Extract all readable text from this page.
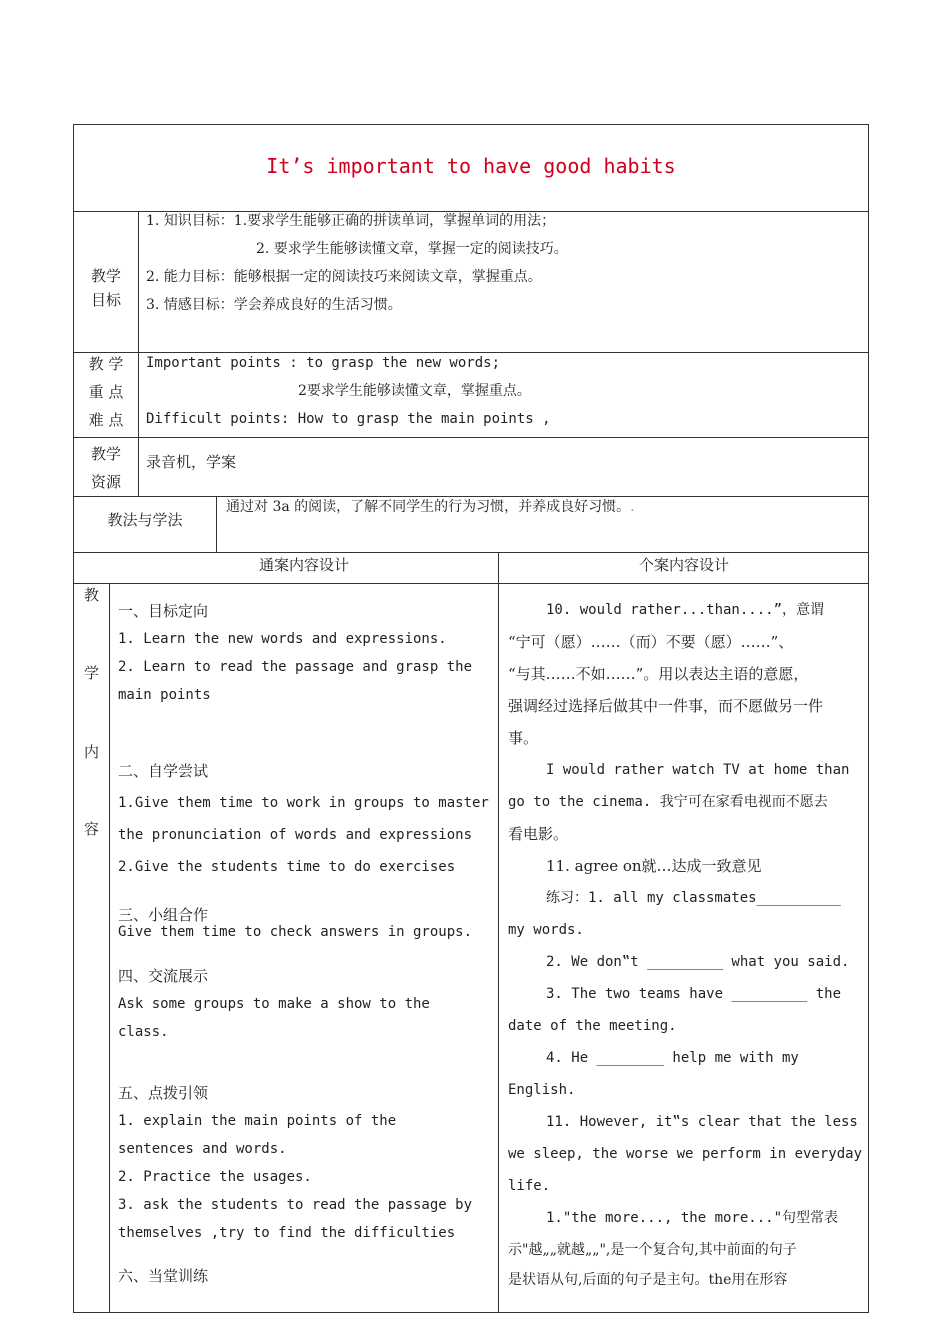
It’s important to have good habits
教学
目标
1. 知识目标：1.要求学生能够正确的拼读单词，掌握单词的用法；
2. 要求学生能够读懂文章，掌握一定的阅读技巧。
2. 能力目标：能够根据一定的阅读技巧来阅读文章，掌握重点。
3. 情感目标：学会养成良好的生活习惯。
教 学
重 点
难 点
Important points : to grasp the new words;
2要求学生能够读懂文章，掌握重点。
Difficult points: How to grasp the main points ,
教学
资源
录音机，学案
教法与学法
通过对 3a 的阅读，了解不同学生的行为习惯，并养成良好习惯。.
通案内容设计	个案内容设计
教
学
内
容
一、目标定向
1. Learn the new words and expressions.
2. Learn to read the passage and grasp the
main points
二、自学尝试
1.Give them time to work in groups to master
the pronunciation of words and expressions
2.Give the students time to do exercises
三、小组合作
Give them time to check answers in groups.
四、交流展示
Ask some groups to make a show to the
class.
五、点拨引领
1. explain the main points of the
sentences and words.
2. Practice the usages.
3. ask the students to read the passage by
themselves ,try to find the difficulties
六、当堂训练
10. would rather...than....”，意谓
“宁可（愿）……（而）不要（愿）……”、
“与其……不如……”。用以表达主语的意愿，
强调经过选择后做其中一件事，而不愿做另一件
事。
I would rather watch TV at home than
go to the cinema. 我宁可在家看电视而不愿去
看电影。
11. agree on就…达成一致意见
练习：1. all my classmates__________
my words.
2. We don‟t _________ what you said.
3. The two teams have _________ the
date of the meeting.
4. He ________ help me with my
English.
11. However, it‟s clear that the less
we sleep, the worse we perform in everyday
life.
1."the more..., the more..."句型常表
示"越„„就越„„",是一个复合句,其中前面的句子
是状语从句,后面的句子是主句。the用在形容
